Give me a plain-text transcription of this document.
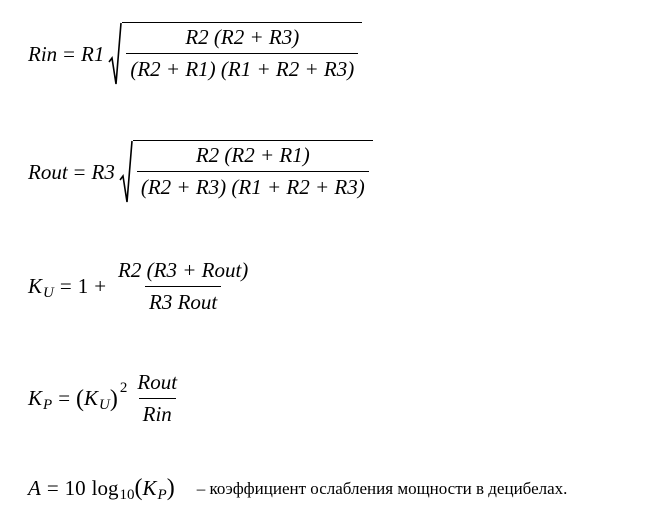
Rin = $R1 \frac{R2 (R2 + R3)}{(R2 + R1) (R1 + R2 + R3)}$
Rout = $R3 \frac{R2 (R2 + R1)}{(R2 + R3) (R1 + R2 + R3)}$
K $U = 1 + \frac{\text{R2 (R3 + Rout)}}{\text{R3 Rout}}$
K P = ( K U ) $2 \frac{\text{Rout}}{\text{Rin}}$
A = 10 log 10 ( K P ) – коэффициент ослабления мощности в децибелах.
